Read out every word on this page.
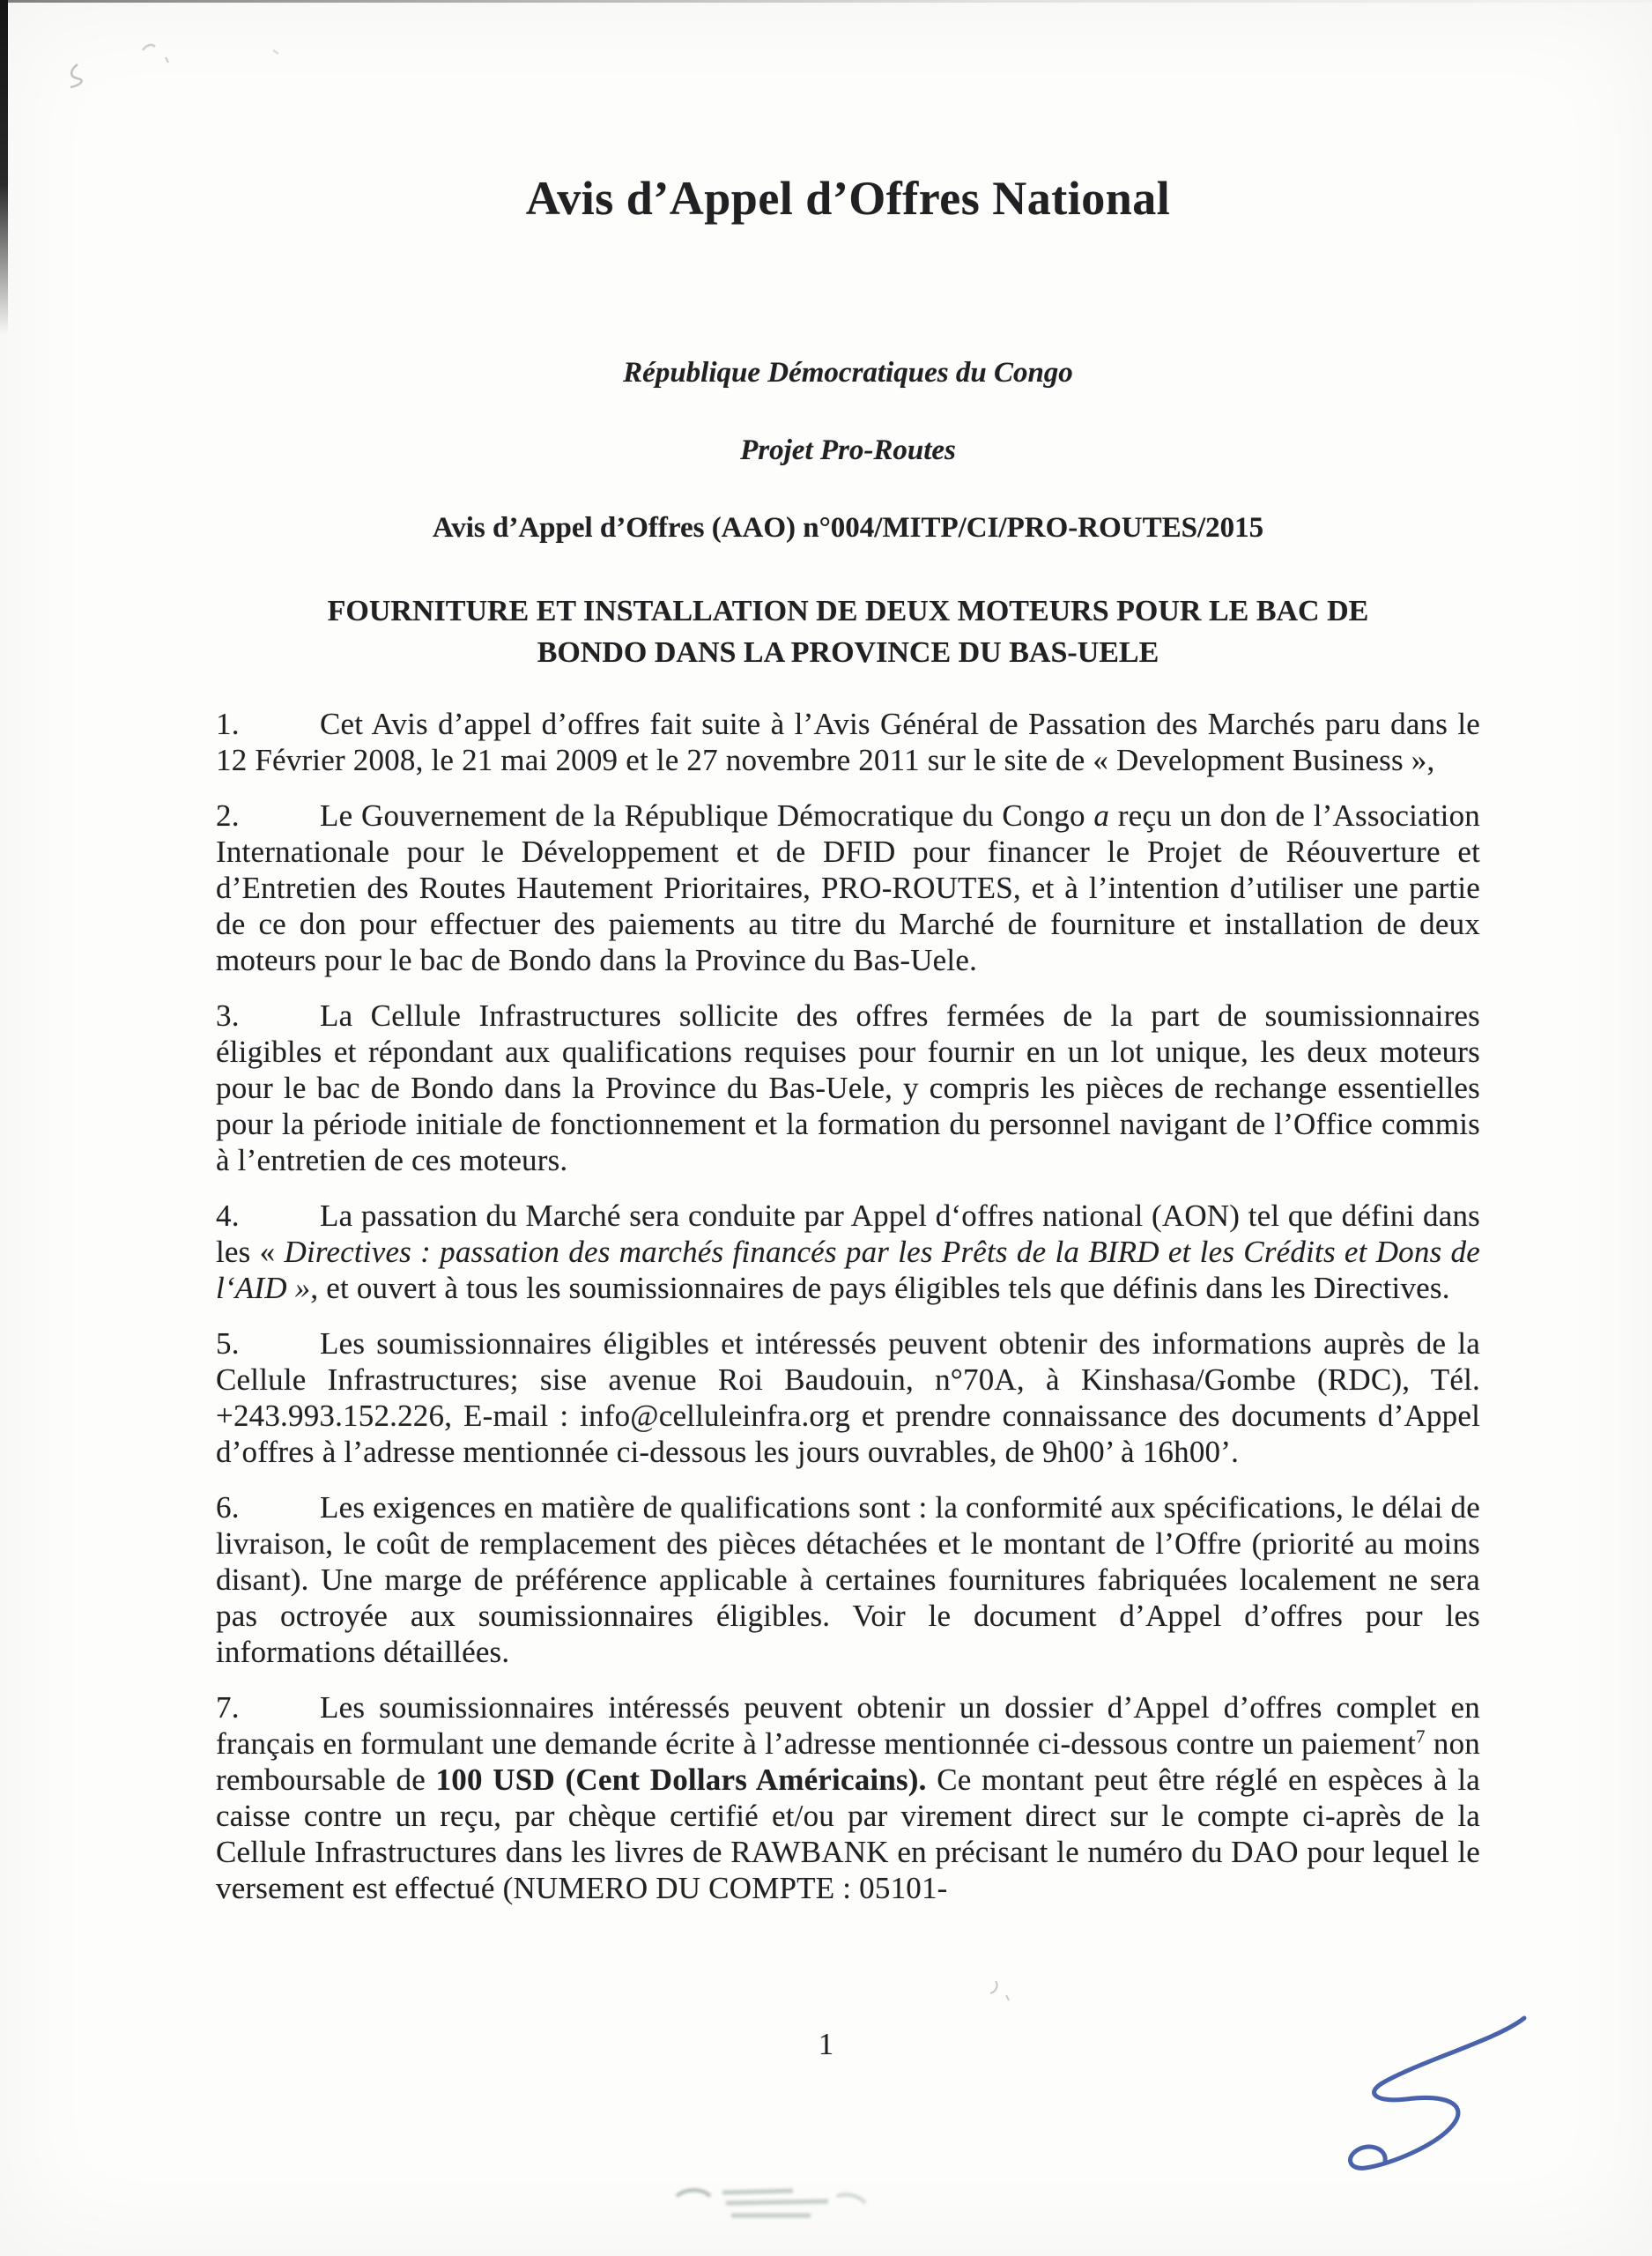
Avis d’Appel d’Offres National

République Démocratiques du Congo

Projet Pro-Routes

Avis d’Appel d’Offres (AAO) n°004/MITP/CI/PRO-ROUTES/2015

FOURNITURE ET INSTALLATION DE DEUX MOTEURS POUR LE BAC DE BONDO DANS LA PROVINCE DU BAS-UELE

1.	Cet Avis d’appel d’offres fait suite à l’Avis Général de Passation des Marchés paru dans le 12 Février 2008, le 21 mai 2009 et le 27 novembre 2011 sur le site de « Development Business »,

2.	Le Gouvernement de la République Démocratique du Congo a reçu un don de l’Association Internationale pour le Développement et de DFID pour financer le Projet de Réouverture et d’Entretien des Routes Hautement Prioritaires, PRO-ROUTES, et à l’intention d’utiliser une partie de ce don pour effectuer des paiements au titre du Marché de fourniture et installation de deux moteurs pour le bac de Bondo dans la Province du Bas-Uele.

3.	La Cellule Infrastructures sollicite des offres fermées de la part de soumissionnaires éligibles et répondant aux qualifications requises pour fournir en un lot unique, les deux moteurs pour le bac de Bondo dans la Province du Bas-Uele, y compris les pièces de rechange essentielles pour la période initiale de fonctionnement et la formation du personnel navigant de l’Office commis à l’entretien de ces moteurs.

4.	La passation du Marché sera conduite par Appel d‘offres national (AON) tel que défini dans les « Directives : passation des marchés financés par les Prêts de la BIRD et les Crédits et Dons de l‘AID », et ouvert à tous les soumissionnaires de pays éligibles tels que définis dans les Directives.

5.	Les soumissionnaires éligibles et intéressés peuvent obtenir des informations auprès de la Cellule Infrastructures; sise avenue Roi Baudouin, n°70A, à Kinshasa/Gombe (RDC), Tél. +243.993.152.226, E-mail : info@celluleinfra.org et prendre connaissance des documents d’Appel d’offres à l’adresse mentionnée ci-dessous les jours ouvrables, de 9h00’ à 16h00’.

6.	Les exigences en matière de qualifications sont : la conformité aux spécifications, le délai de livraison, le coût de remplacement des pièces détachées et le montant de l’Offre (priorité au moins disant). Une marge de préférence applicable à certaines fournitures fabriquées localement ne sera pas octroyée aux soumissionnaires éligibles. Voir le document d’Appel d’offres pour les informations détaillées.

7.	Les soumissionnaires intéressés peuvent obtenir un dossier d’Appel d’offres complet en français en formulant une demande écrite à l’adresse mentionnée ci-dessous contre un paiement$^7$ non remboursable de 100 USD (Cent Dollars Américains). Ce montant peut être réglé en espèces à la caisse contre un reçu, par chèque certifié et/ou par virement direct sur le compte ci-après de la Cellule Infrastructures dans les livres de RAWBANK en précisant le numéro du DAO pour lequel le versement est effectué (NUMERO DU COMPTE : 05101-

1
